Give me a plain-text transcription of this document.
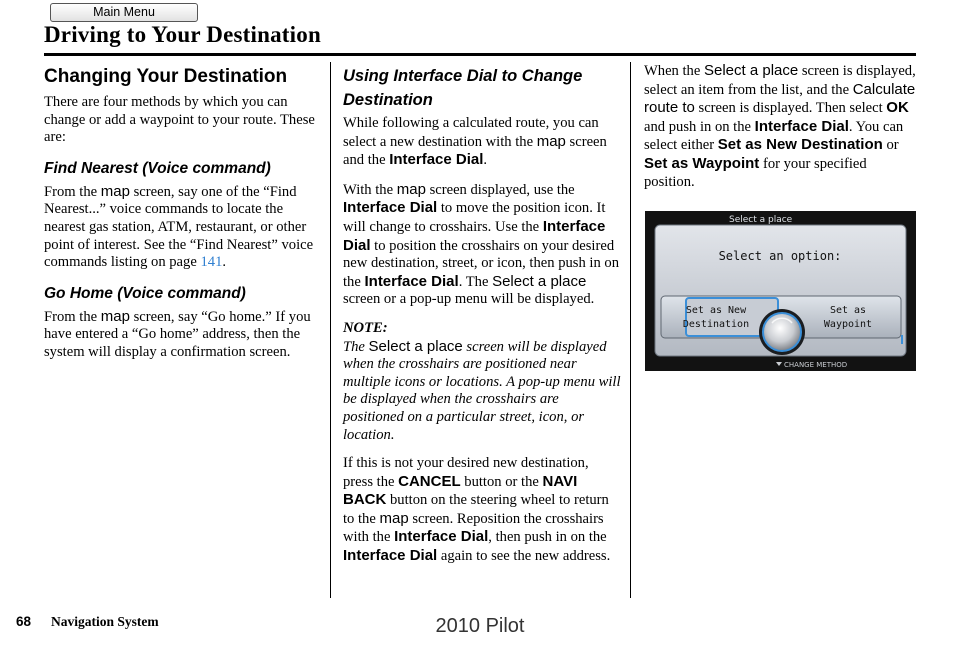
Main Menu
Driving to Your Destination
Changing Your Destination

There are four methods by which you can change or add a waypoint to your route. These are:

Find Nearest (Voice command)

From the map screen, say one of the “Find Nearest...” voice commands to locate the nearest gas station, ATM, restaurant, or other point of interest. See the “Find Nearest” voice commands listing on page 141.

Go Home (Voice command)

From the map screen, say “Go home.” If you have entered a “Go home” address, then the system will display a confirmation screen.

Using Interface Dial to Change Destination

While following a calculated route, you can select a new destination with the map screen and the Interface Dial.

With the map screen displayed, use the Interface Dial to move the position icon. It will change to crosshairs. Use the Interface Dial to position the crosshairs on your desired new destination, street, or icon, then push in on the Interface Dial. The Select a place screen or a pop-up menu will be displayed.

NOTE:

The Select a place screen will be displayed when the crosshairs are positioned near multiple icons or locations. A pop-up menu will be displayed when the crosshairs are positioned on a particular street, icon, or location.

If this is not your desired new destination, press the CANCEL button or the NAVI BACK button on the steering wheel to return to the map screen. Reposition the crosshairs with the Interface Dial, then push in on the Interface Dial again to see the new address.

When the Select a place screen is displayed, select an item from the list, and the Calculate route to screen is displayed. Then select OK and push in on the Interface Dial. You can select either Set as New Destination or Set as Waypoint for your specified position.

Select a place
Select an option:
Set as New
Destination
Set as
Waypoint
CHANGE METHOD
68 Navigation System	2010 Pilot
